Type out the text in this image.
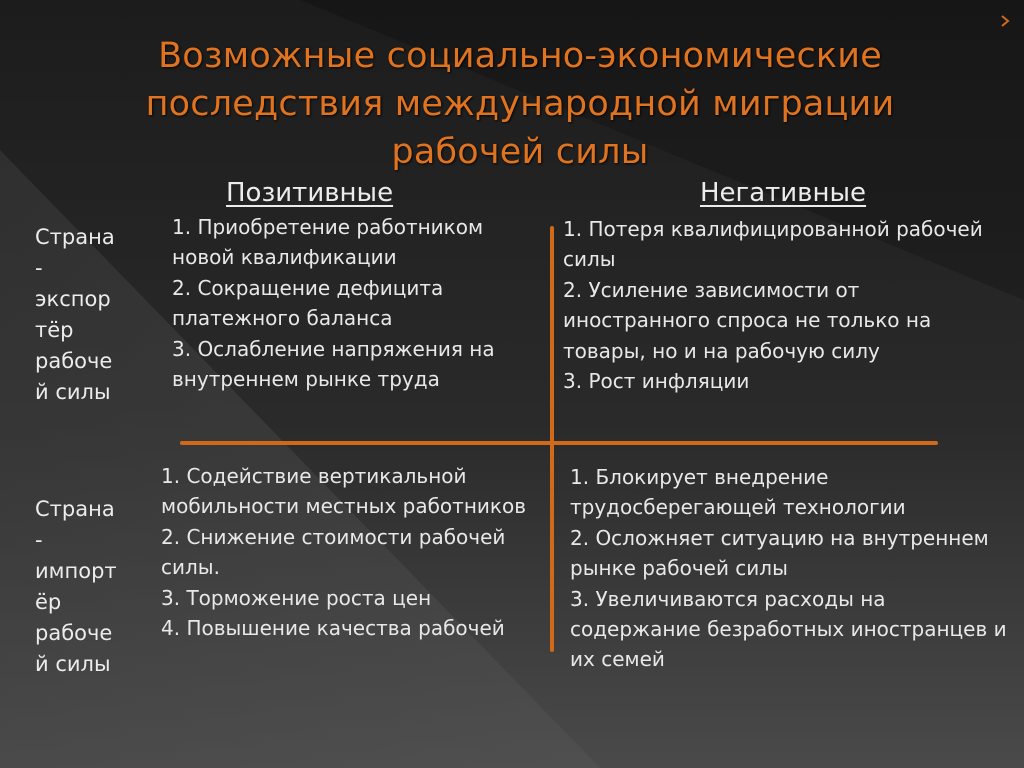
Возможные социально-экономические последствия международной миграции рабочей силы
Позитивные	Негативные
Страна
-
экспор
тёр
рабоче
й силы
Страна
-
импорт
ёр
рабоче
й силы
1. Приобретение работником новой квалификации
2. Сокращение дефицита платежного баланса
3. Ослабление напряжения на внутреннем рынке труда
1. Потеря квалифицированной рабочей силы
2. Усиление зависимости от иностранного спроса не только на товары, но и на рабочую силу
3. Рост инфляции
1. Содействие вертикальной мобильности местных работников
2. Снижение стоимости рабочей силы.
3. Торможение роста цен
4. Повышение качества рабочей
1. Блокирует внедрение трудосберегающей технологии
2. Осложняет ситуацию на внутреннем рынке рабочей силы
3. Увеличиваются расходы на содержание безработных иностранцев и их семей
